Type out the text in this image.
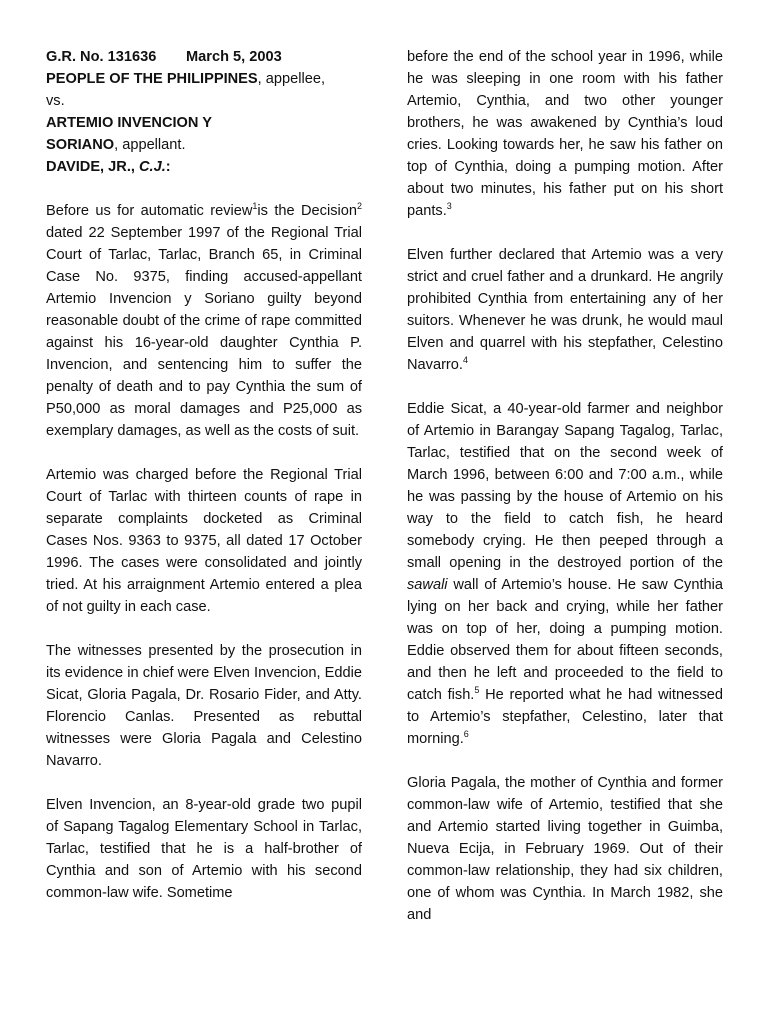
G.R. No. 131636 March 5, 2003

PEOPLE OF THE PHILIPPINES, appellee,

vs.

ARTEMIO INVENCION Y

SORIANO, appellant.

DAVIDE, JR., C.J.:

Before us for automatic review$^1$is the Decision$^2$ dated 22 September 1997 of the Regional Trial Court of Tarlac, Tarlac, Branch 65, in Criminal Case No. 9375, finding accused-appellant Artemio Invencion y Soriano guilty beyond reasonable doubt of the crime of rape committed against his 16-year-old daughter Cynthia P. Invencion, and sentencing him to suffer the penalty of death and to pay Cynthia the sum of P50,000 as moral damages and P25,000 as exemplary damages, as well as the costs of suit.

Artemio was charged before the Regional Trial Court of Tarlac with thirteen counts of rape in separate complaints docketed as Criminal Cases Nos. 9363 to 9375, all dated 17 October 1996. The cases were consolidated and jointly tried. At his arraignment Artemio entered a plea of not guilty in each case.

The witnesses presented by the prosecution in its evidence in chief were Elven Invencion, Eddie Sicat, Gloria Pagala, Dr. Rosario Fider, and Atty. Florencio Canlas. Presented as rebuttal witnesses were Gloria Pagala and Celestino Navarro.

Elven Invencion, an 8-year-old grade two pupil of Sapang Tagalog Elementary School in Tarlac, Tarlac, testified that he is a half-brother of Cynthia and son of Artemio with his second common-law wife. Sometime

before the end of the school year in 1996, while he was sleeping in one room with his father Artemio, Cynthia, and two other younger brothers, he was awakened by Cynthia’s loud cries. Looking towards her, he saw his father on top of Cynthia, doing a pumping motion. After about two minutes, his father put on his short pants.$^3$

Elven further declared that Artemio was a very strict and cruel father and a drunkard. He angrily prohibited Cynthia from entertaining any of her suitors. Whenever he was drunk, he would maul Elven and quarrel with his stepfather, Celestino Navarro.$^4$

Eddie Sicat, a 40-year-old farmer and neighbor of Artemio in Barangay Sapang Tagalog, Tarlac, Tarlac, testified that on the second week of March 1996, between 6:00 and 7:00 a.m., while he was passing by the house of Artemio on his way to the field to catch fish, he heard somebody crying. He then peeped through a small opening in the destroyed portion of the sawali wall of Artemio’s house. He saw Cynthia lying on her back and crying, while her father was on top of her, doing a pumping motion. Eddie observed them for about fifteen seconds, and then he left and proceeded to the field to catch fish.$^5$ He reported what he had witnessed to Artemio’s stepfather, Celestino, later that morning.$^6$

Gloria Pagala, the mother of Cynthia and former common-law wife of Artemio, testified that she and Artemio started living together in Guimba, Nueva Ecija, in February 1969. Out of their common-law relationship, they had six children, one of whom was Cynthia. In March 1982, she and
